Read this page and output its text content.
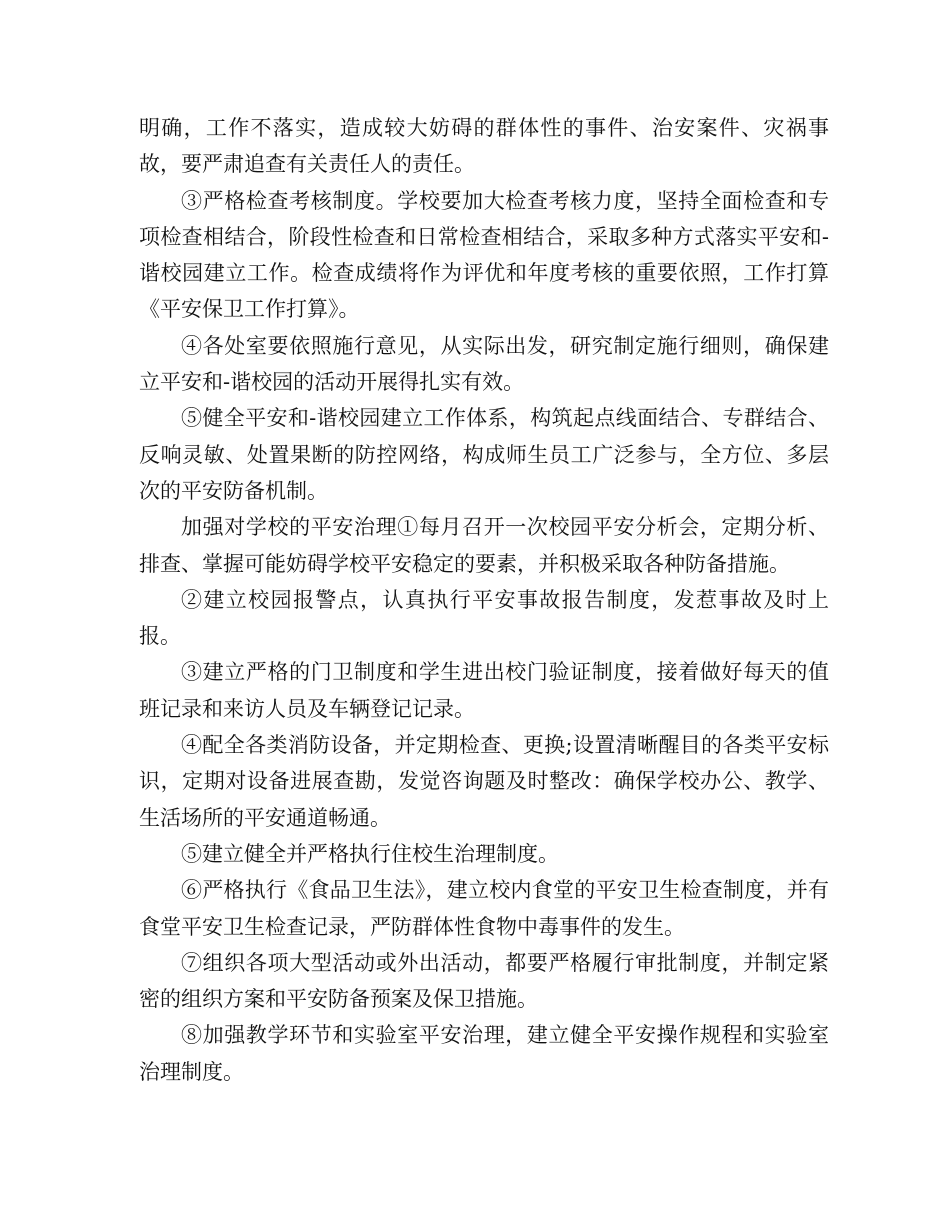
明确，工作不落实，造成较大妨碍的群体性的事件、治安案件、灾祸事故，要严肃追查有关责任人的责任。

③严格检查考核制度。学校要加大检查考核力度，坚持全面检查和专项检查相结合，阶段性检查和日常检查相结合，采取多种方式落实平安和-谐校园建立工作。检查成绩将作为评优和年度考核的重要依照，工作打算《平安保卫工作打算》。

④各处室要依照施行意见，从实际出发，研究制定施行细则，确保建立平安和-谐校园的活动开展得扎实有效。

⑤健全平安和-谐校园建立工作体系，构筑起点线面结合、专群结合、反响灵敏、处置果断的防控网络，构成师生员工广泛参与，全方位、多层次的平安防备机制。

加强对学校的平安治理①每月召开一次校园平安分析会，定期分析、排查、掌握可能妨碍学校平安稳定的要素，并积极采取各种防备措施。

②建立校园报警点，认真执行平安事故报告制度，发惹事故及时上报。

③建立严格的门卫制度和学生进出校门验证制度，接着做好每天的值班记录和来访人员及车辆登记记录。

④配全各类消防设备，并定期检查、更换;设置清晰醒目的各类平安标识，定期对设备进展查勘，发觉咨询题及时整改：确保学校办公、教学、生活场所的平安通道畅通。

⑤建立健全并严格执行住校生治理制度。

⑥严格执行《食品卫生法》，建立校内食堂的平安卫生检查制度，并有食堂平安卫生检查记录，严防群体性食物中毒事件的发生。

⑦组织各项大型活动或外出活动，都要严格履行审批制度，并制定紧密的组织方案和平安防备预案及保卫措施。

⑧加强教学环节和实验室平安治理，建立健全平安操作规程和实验室治理制度。
